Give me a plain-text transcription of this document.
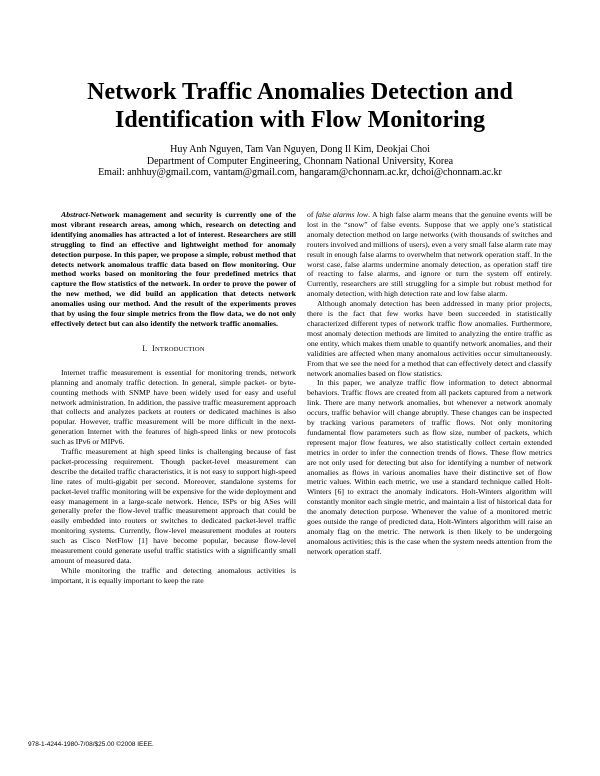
Network Traffic Anomalies Detection and
Identification with Flow Monitoring
Huy Anh Nguyen, Tam Van Nguyen, Dong Il Kim, Deokjai Choi
Department of Computer Engineering, Chonnam National University, Korea
Email: anhhuy@gmail.com, vantam@gmail.com, hangaram@chonnam.ac.kr, dchoi@chonnam.ac.kr

Abstract-Network management and security is currently one of the most vibrant research areas, among which, research on detecting and identifying anomalies has attracted a lot of interest. Researchers are still struggling to find an effective and lightweight method for anomaly detection purpose. In this paper, we propose a simple, robust method that detects network anomalous traffic data based on flow monitoring. Our method works based on monitoring the four predefined metrics that capture the flow statistics of the network. In order to prove the power of the new method, we did build an application that detects network anomalies using our method. And the result of the experiments proves that by using the four simple metrics from the flow data, we do not only effectively detect but can also identify the network traffic anomalies.

I. INTRODUCTION

Internet traffic measurement is essential for monitoring trends, network planning and anomaly traffic detection. In general, simple packet- or byte-counting methods with SNMP have been widely used for easy and useful network administration. In addition, the passive traffic measurement approach that collects and analyzes packets at routers or dedicated machines is also popular. However, traffic measurement will be more difficult in the next-generation Internet with the features of high-speed links or new protocols such as IPv6 or MIPv6.

Traffic measurement at high speed links is challenging because of fast packet-processing requirement. Though packet-level measurement can describe the detailed traffic characteristics, it is not easy to support high-speed line rates of multi-gigabit per second. Moreover, standalone systems for packet-level traffic monitoring will be expensive for the wide deployment and easy management in a large-scale network. Hence, ISPs or big ASes will generally prefer the flow-level traffic measurement approach that could be easily embedded into routers or switches to dedicated packet-level traffic monitoring systems. Currently, flow-level measurement modules at routers such as Cisco NetFlow [1] have become popular, because flow-level measurement could generate useful traffic statistics with a significantly small amount of measured data.

While monitoring the traffic and detecting anomalous activities is important, it is equally important to keep the rate

of false alarms low. A high false alarm means that the genuine events will be lost in the “snow” of false events. Suppose that we apply one’s statistical anomaly detection method on large networks (with thousands of switches and routers involved and millions of users), even a very small false alarm rate may result in enough false alarms to overwhelm that network operation staff. In the worst case, false alarms undermine anomaly detection, as operation staff tire of reacting to false alarms, and ignore or turn the system off entirely. Currently, researchers are still struggling for a simple but robust method for anomaly detection, with high detection rate and low false alarm.

Although anomaly detection has been addressed in many prior projects, there is the fact that few works have been succeeded in statistically characterized different types of network traffic flow anomalies. Furthermore, most anomaly detection methods are limited to analyzing the entire traffic as one entity, which makes them unable to quantify network anomalies, and their validities are affected when many anomalous activities occur simultaneously. From that we see the need for a method that can effectively detect and classify network anomalies based on flow statistics.

In this paper, we analyze traffic flow information to detect abnormal behaviors. Traffic flows are created from all packets captured from a network link. There are many network anomalies, but whenever a network anomaly occurs, traffic behavior will change abruptly. These changes can be inspected by tracking various parameters of traffic flows. Not only monitoring fundamental flow parameters such as flow size, number of packets, which represent major flow features, we also statistically collect certain extended metrics in order to infer the connection trends of flows. These flow metrics are not only used for detecting but also for identifying a number of network anomalies as flows in various anomalies have their distinctive set of flow metric values. Within each metric, we use a standard technique called Holt-Winters [6] to extract the anomaly indicators. Holt-Winters algorithm will constantly monitor each single metric, and maintain a list of historical data for the anomaly detection purpose. Whenever the value of a monitored metric goes outside the range of predicted data, Holt-Winters algorithm will raise an anomaly flag on the metric. The network is then likely to be undergoing anomalous activities; this is the case when the system needs attention from the network operation staff.

978-1-4244-1980-7/08/$25.00 ©2008 IEEE.
